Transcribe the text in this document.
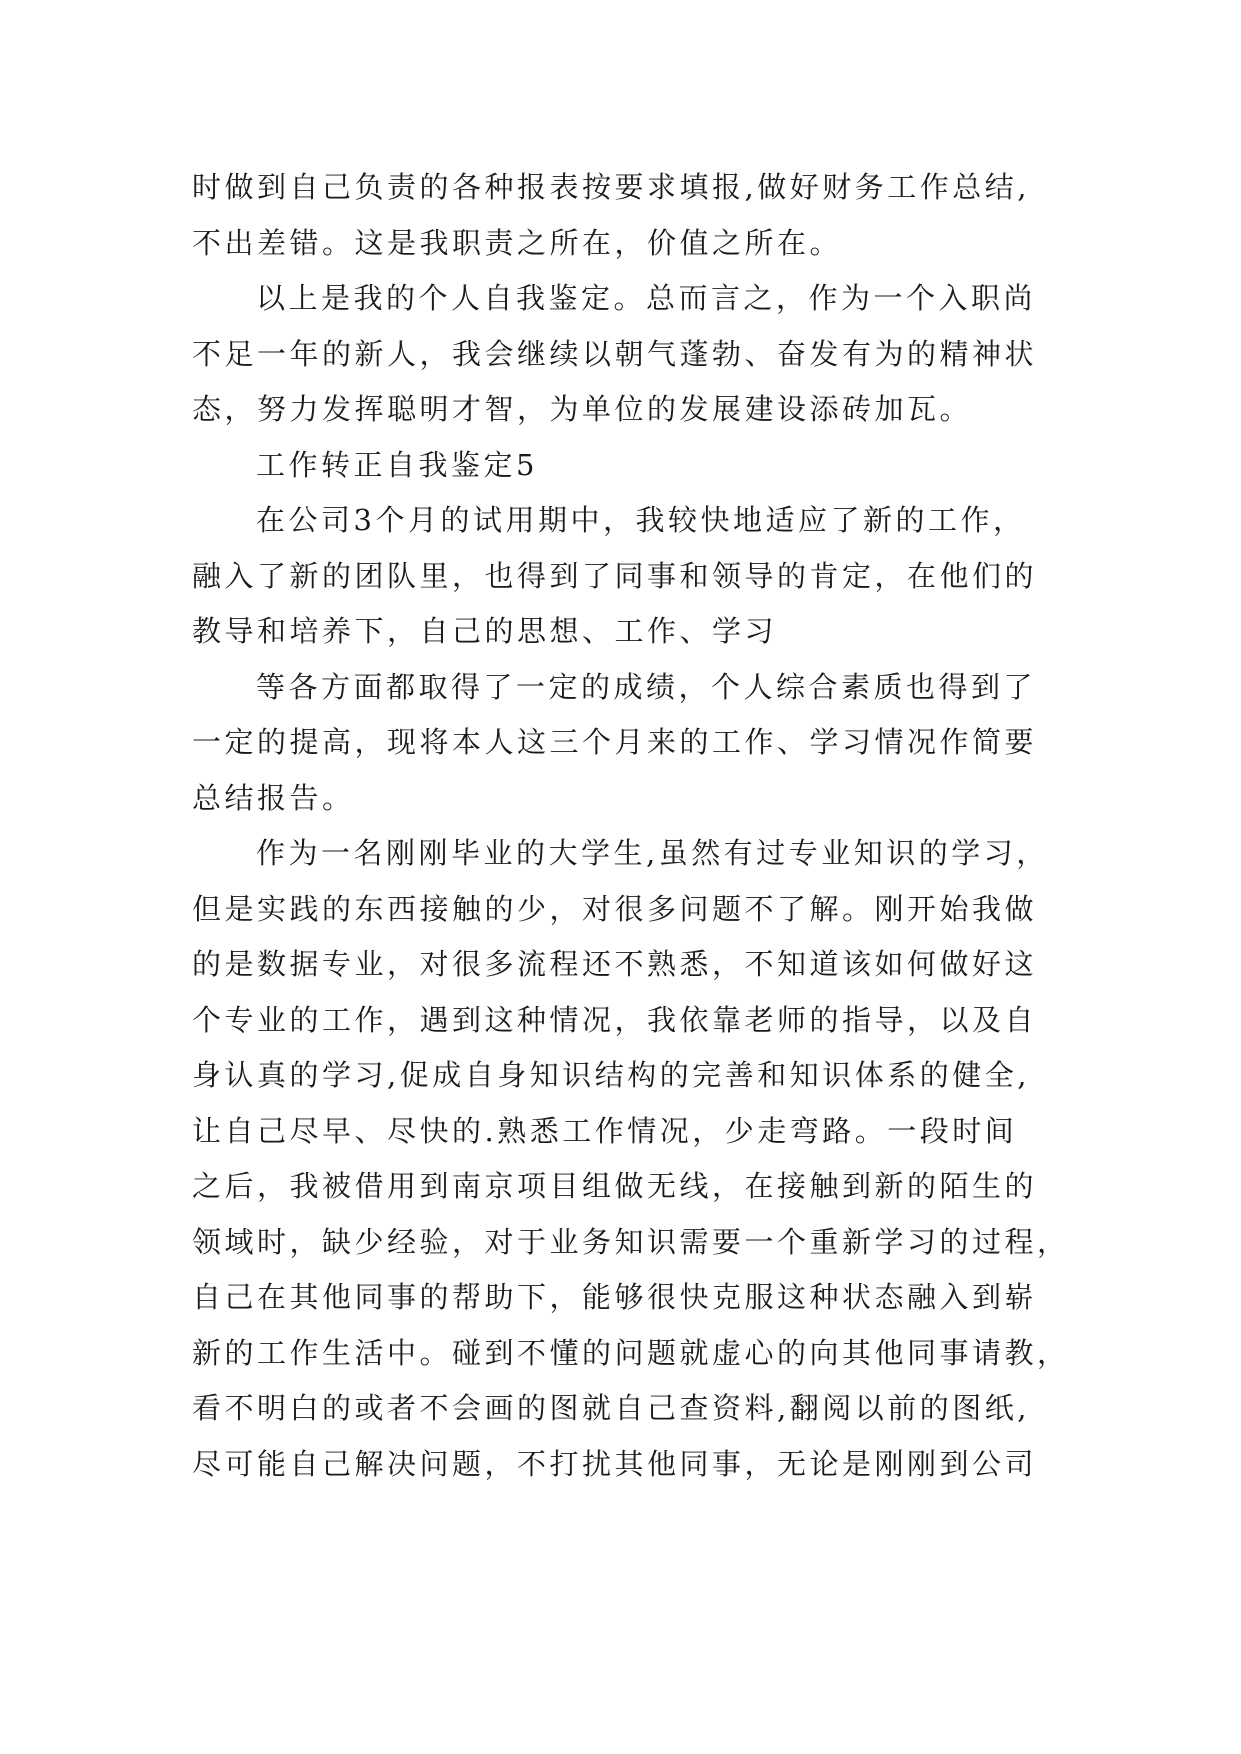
时做到自己负责的各种报表按要求填报,做好财务工作总结,
不出差错。这是我职责之所在，价值之所在。
以上是我的个人自我鉴定。总而言之，作为一个入职尚
不足一年的新人，我会继续以朝气蓬勃、奋发有为的精神状
态，努力发挥聪明才智，为单位的发展建设添砖加瓦。
工作转正自我鉴定5
在公司3个月的试用期中，我较快地适应了新的工作，
融入了新的团队里，也得到了同事和领导的肯定，在他们的
教导和培养下，自己的思想、工作、学习
等各方面都取得了一定的成绩，个人综合素质也得到了
一定的提高，现将本人这三个月来的工作、学习情况作简要
总结报告。
作为一名刚刚毕业的大学生,虽然有过专业知识的学习，
但是实践的东西接触的少，对很多问题不了解。刚开始我做
的是数据专业，对很多流程还不熟悉，不知道该如何做好这
个专业的工作，遇到这种情况，我依靠老师的指导，以及自
身认真的学习,促成自身知识结构的完善和知识体系的健全,
让自己尽早、尽快的.熟悉工作情况，少走弯路。一段时间
之后，我被借用到南京项目组做无线，在接触到新的陌生的
领域时，缺少经验，对于业务知识需要一个重新学习的过程，
自己在其他同事的帮助下，能够很快克服这种状态融入到崭
新的工作生活中。碰到不懂的问题就虚心的向其他同事请教，
看不明白的或者不会画的图就自己查资料,翻阅以前的图纸,
尽可能自己解决问题，不打扰其他同事，无论是刚刚到公司
